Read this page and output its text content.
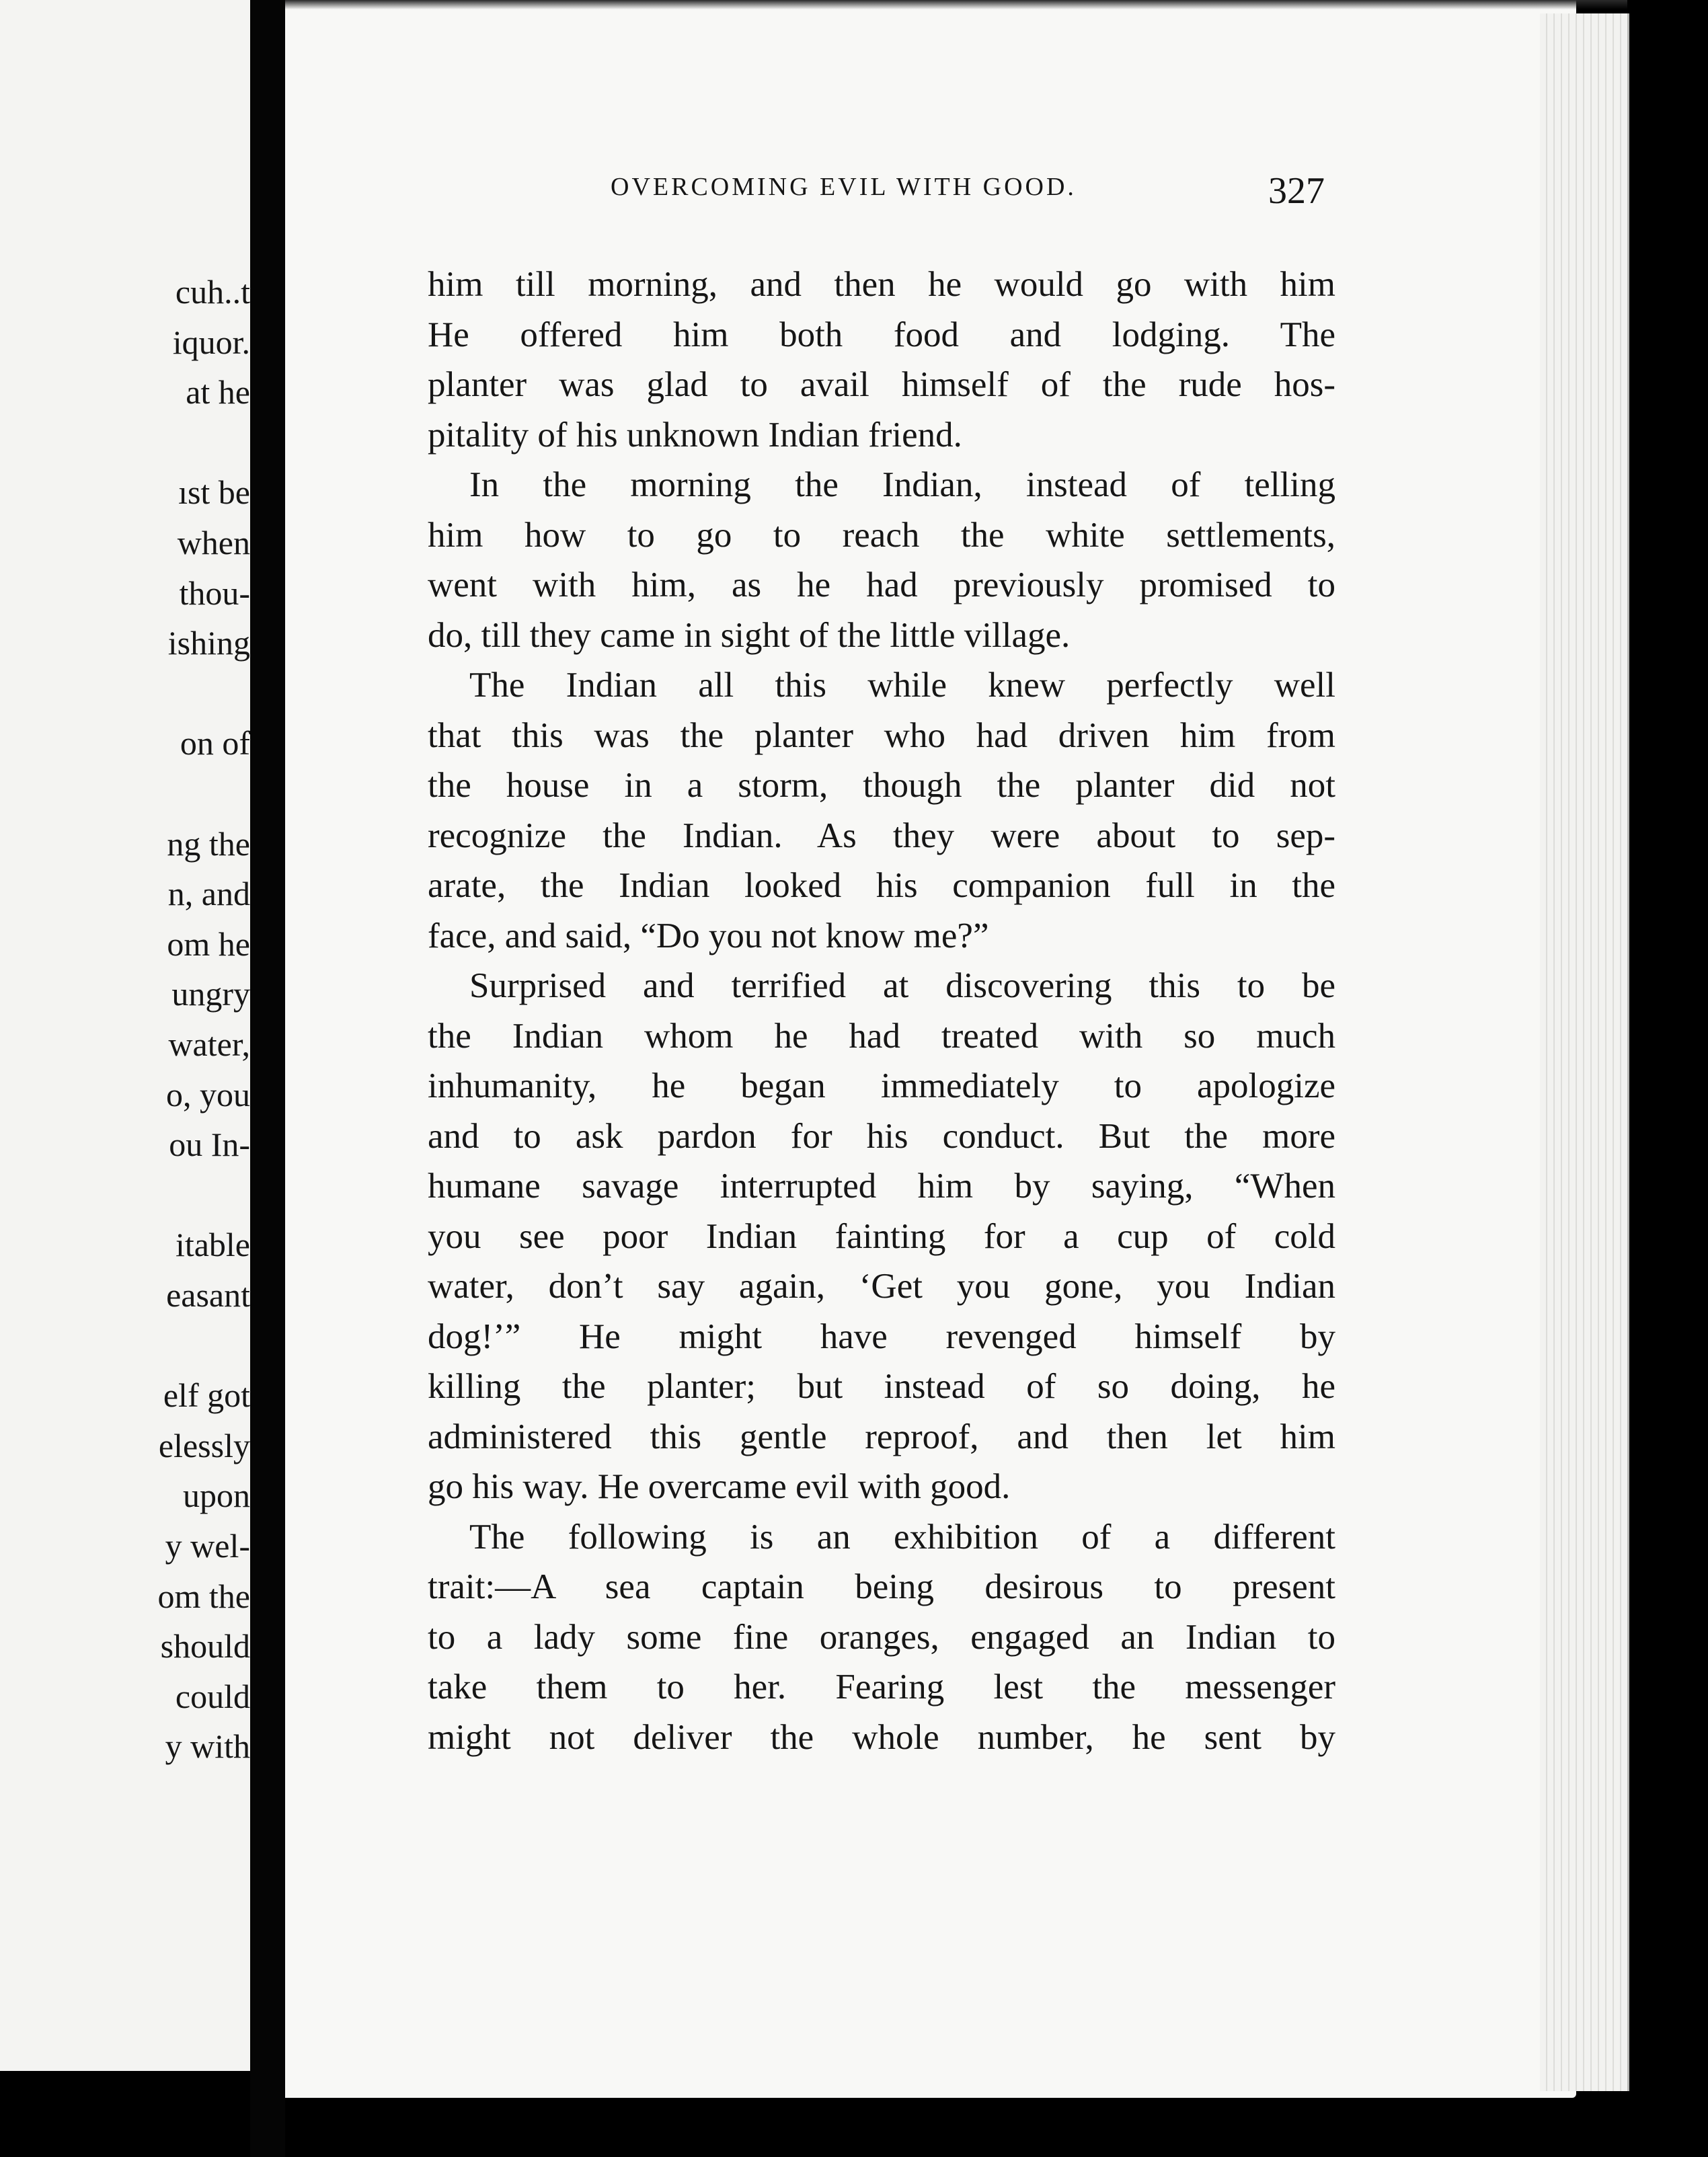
cuh..t
iquor.
at he
ıst be
when
thou-
ishing
on of
ng the
n, and
om he
ungry
water,
o, you
ou In-
itable
easant
elf got
elessly
upon
y wel-
om the
should
could
y with
OVERCOMING EVIL WITH GOOD.	327
him till morning, and then he would go with him
He offered him both food and lodging. The
planter was glad to avail himself of the rude hos-
pitality of his unknown Indian friend.
In the morning the Indian, instead of telling
him how to go to reach the white settlements,
went with him, as he had previously promised to
do, till they came in sight of the little village.
The Indian all this while knew perfectly well
that this was the planter who had driven him from
the house in a storm, though the planter did not
recognize the Indian. As they were about to sep-
arate, the Indian looked his companion full in the
face, and said, “Do you not know me?”
Surprised and terrified at discovering this to be
the Indian whom he had treated with so much
inhumanity, he began immediately to apologize
and to ask pardon for his conduct. But the more
humane savage interrupted him by saying, “When
you see poor Indian fainting for a cup of cold
water, don’t say again, ‘Get you gone, you Indian
dog!’” He might have revenged himself by
killing the planter; but instead of so doing, he
administered this gentle reproof, and then let him
go his way. He overcame evil with good.
The following is an exhibition of a different
trait:—A sea captain being desirous to present
to a lady some fine oranges, engaged an Indian to
take them to her. Fearing lest the messenger
might not deliver the whole number, he sent by
